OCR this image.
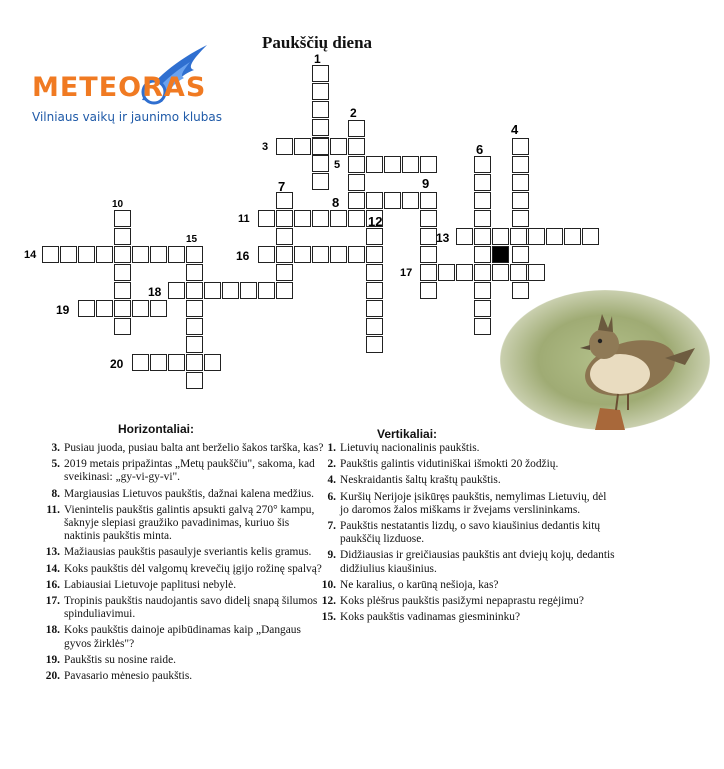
Paukščių diena
METEORAS
Vilniaus vaikų ir jaunimo klubas
1
2
3
4
5
6
7
8
9
10
11	12
13
14
15
16
17
18
19
20
Horizontaliai:
3. Pusiau juoda, pusiau balta ant berželio šakos tarška, kas?
5. 2019 metais pripažintas „Metų paukščiu", sakoma, kad sveikinasi: „gy-vi-gy-vi".
8. Margiausias Lietuvos paukštis, dažnai kalena medžius.
11. Vienintelis paukštis galintis apsukti galvą 270° kampu, šaknyje slepiasi graužiko pavadinimas, kuriuo šis naktinis paukštis minta.
13. Mažiausias paukštis pasaulyje sveriantis kelis gramus.
14. Koks paukštis dėl valgomų krevečių įgijo rožinę spalvą?
16. Labiausiai Lietuvoje paplitusi nebylė.
17. Tropinis paukštis naudojantis savo didelį snapą šilumos spinduliavimui.
18. Koks paukštis dainoje apibūdinamas kaip „Dangaus gyvos žirklės"?
19. Paukštis su nosine raide.
20. Pavasario mėnesio paukštis.
Vertikaliai:
1. Lietuvių nacionalinis paukštis.
2. Paukštis galintis vidutiniškai išmokti 20 žodžių.
4. Neskraidantis šaltų kraštų paukštis.
6. Kuršių Nerijoje įsikūręs paukštis, nemylimas Lietuvių, dėl jo daromos žalos miškams ir žvejams verslininkams.
7. Paukštis nestatantis lizdų, o savo kiaušinius dedantis kitų paukščių lizduose.
9. Didžiausias ir greičiausias paukštis ant dviejų kojų, dedantis didžiulius kiaušinius.
10. Ne karalius, o karūną nešioja, kas?
12. Koks plėšrus paukštis pasižymi nepaprastu regėjimu?
15. Koks paukštis vadinamas giesmininku?
